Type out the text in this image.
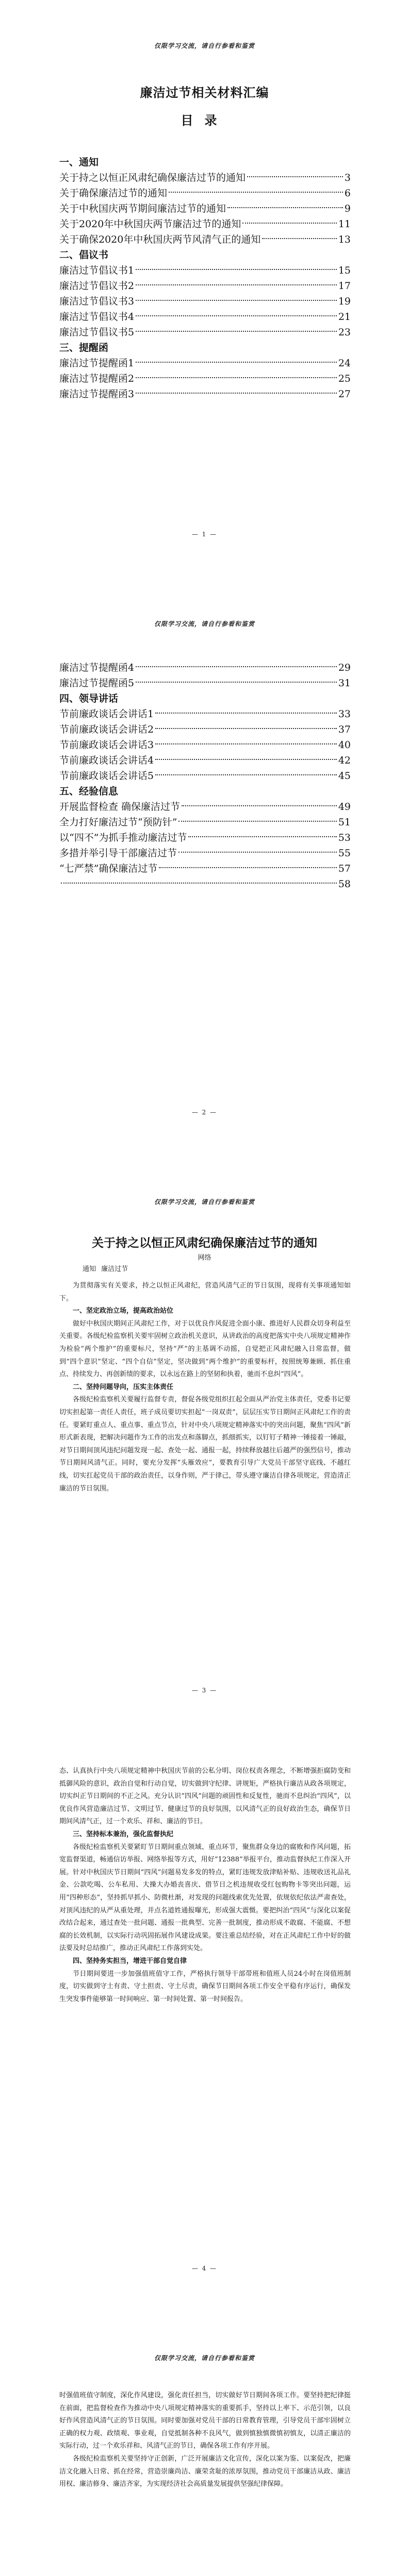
仅限学习交流，请自行参看和鉴赏
廉洁过节相关材料汇编
目录
一、通知
关于持之以恒正风肃纪确保廉洁过节的通知	3
关于确保廉洁过节的通知	6
关于中秋国庆两节期间廉洁过节的通知	9
关于2020年中秋国庆两节廉洁过节的通知	11
关于确保2020年中秋国庆两节风清气正的通知	13
二、倡议书
廉洁过节倡议书1	15
廉洁过节倡议书2	17
廉洁过节倡议书3	19
廉洁过节倡议书4	21
廉洁过节倡议书5	23
三、提醒函
廉洁过节提醒函1	24
廉洁过节提醒函2	25
廉洁过节提醒函3	27
— 1 —
仅限学习交流，请自行参看和鉴赏
廉洁过节提醒函4	29
廉洁过节提醒函5	31
四、领导讲话
节前廉政谈话会讲话1	33
节前廉政谈话会讲话2	37
节前廉政谈话会讲话3	40
节前廉政谈话会讲话4	42
节前廉政谈话会讲话5	45
五、经验信息
开展监督检查 确保廉洁过节	49
全力打好廉洁过节“预防针”	51
以“四不”为抓手推动廉洁过节	53
多措并举引导干部廉洁过节	55
“七严禁”确保廉洁过节	57
58
— 2 —
仅限学习交流，请自行参看和鉴赏
关于持之以恒正风肃纪确保廉洁过节的通知
网络
通知 廉洁过节

为贯彻落实有关要求，持之以恒正风肃纪，营造风清气正的节日氛围，现将有关事项通知如下。

一、坚定政治立场，提高政治站位

做好中秋国庆期间正风肃纪工作，对于以优良作风促进全面小康、推进好人民群众切身利益至关重要。各级纪检监察机关要牢固树立政治机关意识，从讲政治的高度把落实中央八项规定精神作为检验“两个维护”的重要标尺，坚持“严”的主基调不动摇，自觉把正风肃纪融入日常监督，做到“四个意识”坚定、“四个自信”坚定，坚决做到“两个维护”的重要标杆，按照统筹兼顾、抓住重点、持续发力、再创新绩的要求，以永远在路上的坚韧和执着，驰而不息纠“四风”。

二、坚持问题导向，压实主体责任

各级纪检监察机关要履行监督专责，督促各级党组织扛起全面从严治党主体责任，党委书记要切实担起第一责任人责任，班子成员要切实担起“一岗双责”，层层压实节日期间正风肃纪工作的责任。要紧盯重点人、重点事、重点节点，针对中央八项规定精神落实中的突出问题，聚焦“四风”新形式新表现，把解决问题作为工作的出发点和落脚点，抓细抓实，以钉钉子精神一锤接着一锤敲，对节日期间顶风违纪问题发现一起、查处一起、通报一起，持续释放越往后越严的强烈信号，推动节日期间风清气正。同时，要充分发挥“头雁效应”，要教育引导广大党员干部坚守底线、不越红线，切实扛起党员干部的政治责任，以身作则，严于律己，带头遵守廉洁自律各项规定，营造清正廉洁的节日氛围。

— 3 —

态、认真执行中央八项规定精神中秋国庆节前的公私分明、岗位权责各理念，不断增强拒腐防变和抵御风险的意识，政治自觉和行动自觉，切实做到守纪律、讲规矩，严格执行廉洁从政各项规定，切实纠正节日期间的不正之风。充分认识“四风”问题的顽固性和反复性，驰而不息纠治“四风”，以优良作风营造廉洁过节、文明过节、健康过节的良好氛围，以风清气正的良好政治生态，确保节日期间风清气正，过一个欢乐、祥和、廉洁的节日。

三、坚持标本兼治，强化监督执纪

各级纪检监察机关要紧盯节日期间重点领域、重点环节，聚焦群众身边的腐败和作风问题，拓宽监督渠道，畅通信访举报、网络举报等方式，用好“12388”举报平台，推动监督执纪工作深入开展。针对中秋国庆节日期间“四风”问题易发多发的特点，紧盯违规发放津贴补贴、违规收送礼品礼金、公款吃喝、公车私用、大操大办婚丧喜庆、借节日之机违规收受红包购物卡等突出问题，运用“四种形态”，坚持抓早抓小、防微杜渐，对发现的问题线索优先处置，依规依纪依法严肃查处，对顶风违纪的从严从重处理，并点名道姓通报曝光，形成强大震慑。要把纠治“四风”与深化以案促改结合起来，通过查处一批问题、通报一批典型、完善一批制度，推动形成不敢腐、不能腐、不想腐的长效机制，以实际行动巩固拓展作风建设成果。要注重总结经验，对在正风肃纪工作中好的做法要及时总结推广，推动正风肃纪工作落到实处。

四、坚持务实担当，增进干部自觉自律

节日期间要进一步加强值班值守工作，严格执行领导干部带班和值班人员24小时在岗值班制度，切实做到守土有责、守土担责、守土尽责，确保节日期间各项工作安全平稳有序运行，确保发生突发事件能够第一时间响应、第一时间处置、第一时间报告。

— 4 —
仅限学习交流，请自行参看和鉴赏

时强值班值守制度，深化作风建设，强化责任担当，切实做好节日期间各项工作。要坚持把纪律挺在前面，把监督检查作为推动中央八项规定精神落实的重要抓手，坚持以上率下、示范引领，以良好作风营造风清气正的节日氛围。同时要加强对党员干部的日常教育管理，引导党员干部牢固树立正确的权力观、政绩观、事业观，自觉抵制各种不良风气，做到慎独慎微慎初慎友，以清正廉洁的实际行动，过一个欢乐祥和、风清气正的节日，确保各项工作有序开展。

各级纪检监察机关要坚持守正创新，广泛开展廉洁文化宣传，深化以案为鉴、以案促改，把廉洁文化融入日常、抓在经常，营造崇廉尚洁、廉荣贪耻的浓厚氛围，推动党员干部廉洁从政、廉洁用权、廉洁修身、廉洁齐家，为实现经济社会高质量发展提供坚强纪律保障。
